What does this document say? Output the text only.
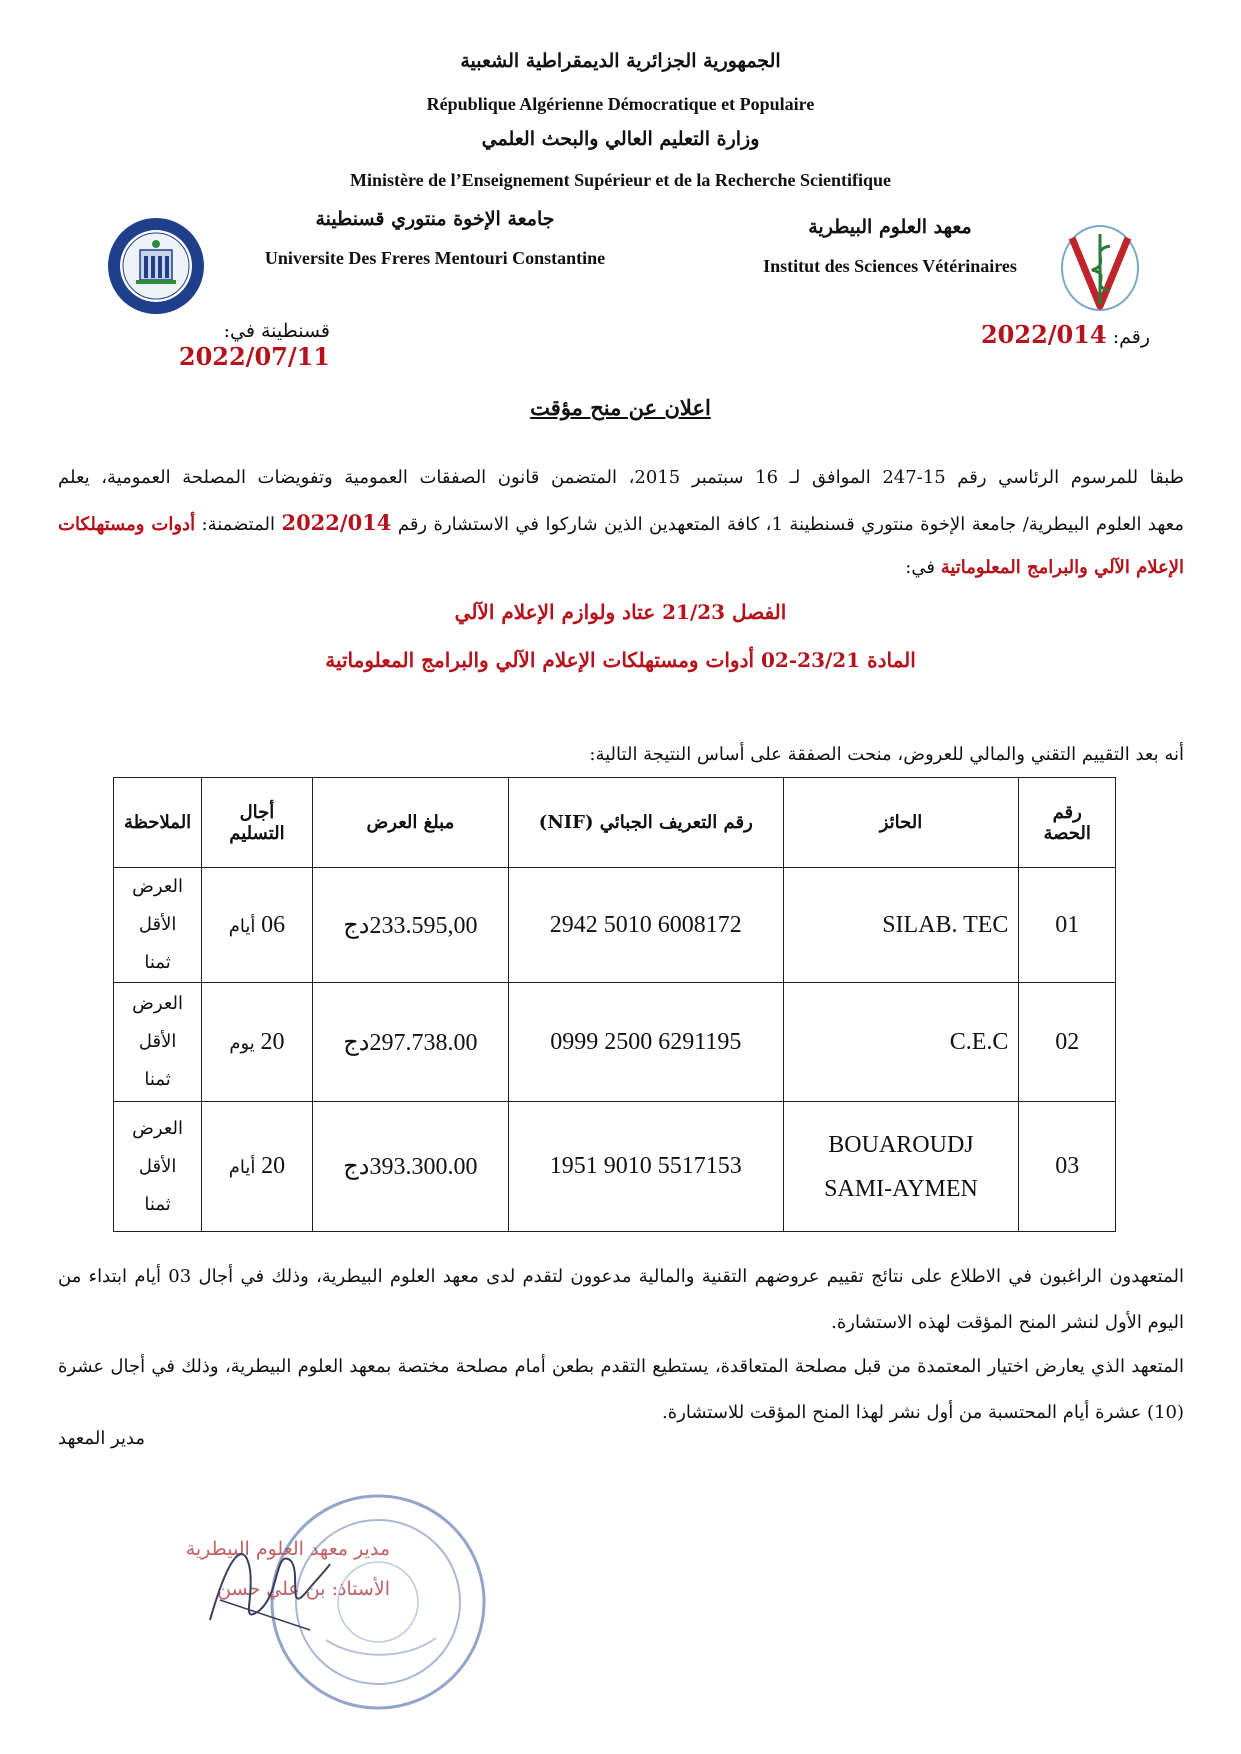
الجمهورية الجزائرية الديمقراطية الشعبية
République Algérienne Démocratique et Populaire
وزارة التعليم العالي والبحث العلمي
Ministère de l’Enseignement Supérieur et de la Recherche Scientifique
جامعة الإخوة منتوري قسنطينة
Universite Des Freres Mentouri Constantine
معهد العلوم البيطرية
Institut des Sciences Vétérinaires
رقم: 2022/014
قسنطينة في: 2022/07/11
اعلان عن منح مؤقت
طبقا للمرسوم الرئاسي رقم 15-247 الموافق لـ 16 سبتمبر 2015، المتضمن قانون الصفقات العمومية وتفويضات المصلحة العمومية، يعلم
معهد العلوم البيطرية/ جامعة الإخوة منتوري قسنطينة 1، كافة المتعهدين الذين شاركوا في الاستشارة رقم 2022/014 المتضمنة: أدوات ومستهلكات
الإعلام الآلي والبرامج المعلوماتية في:
الفصل 21/23 عتاد ولوازم الإعلام الآلي
المادة 23/21-02 أدوات ومستهلكات الإعلام الآلي والبرامج المعلوماتية
أنه بعد التقييم التقني والمالي للعروض، منحت الصفقة على أساس النتيجة التالية:
رقم الحصة	الحائز	رقم التعريف الجبائي (NIF)	مبلغ العرض	أجال التسليم	الملاحظة
01	SILAB. TEC	2942 5010 6008172	233.595,00دج	06 أيام	العرض الأقل ثمنا
02	C.E.C	0999 2500 6291195	297.738.00دج	20 يوم	العرض الأقل ثمنا
03	BOUAROUDJ SAMI-AYMEN	1951 9010 5517153	393.300.00دج	20 أيام	العرض الأقل ثمنا
المتعهدون الراغبون في الاطلاع على نتائج تقييم عروضهم التقنية والمالية مدعوون لتقدم لدى معهد العلوم البيطرية، وذلك في أجال 03 أيام ابتداء من اليوم الأول لنشر المنح المؤقت لهذه الاستشارة.
المتعهد الذي يعارض اختيار المعتمدة من قبل مصلحة المتعاقدة، يستطيع التقدم بطعن أمام مصلحة مختصة بمعهد العلوم البيطرية، وذلك في أجال عشرة (10) عشرة أيام المحتسبة من أول نشر لهذا المنح المؤقت للاستشارة.
مدير المعهد
مدير معهد العلوم البيطرية
الأستاذ: بن علي حسن
